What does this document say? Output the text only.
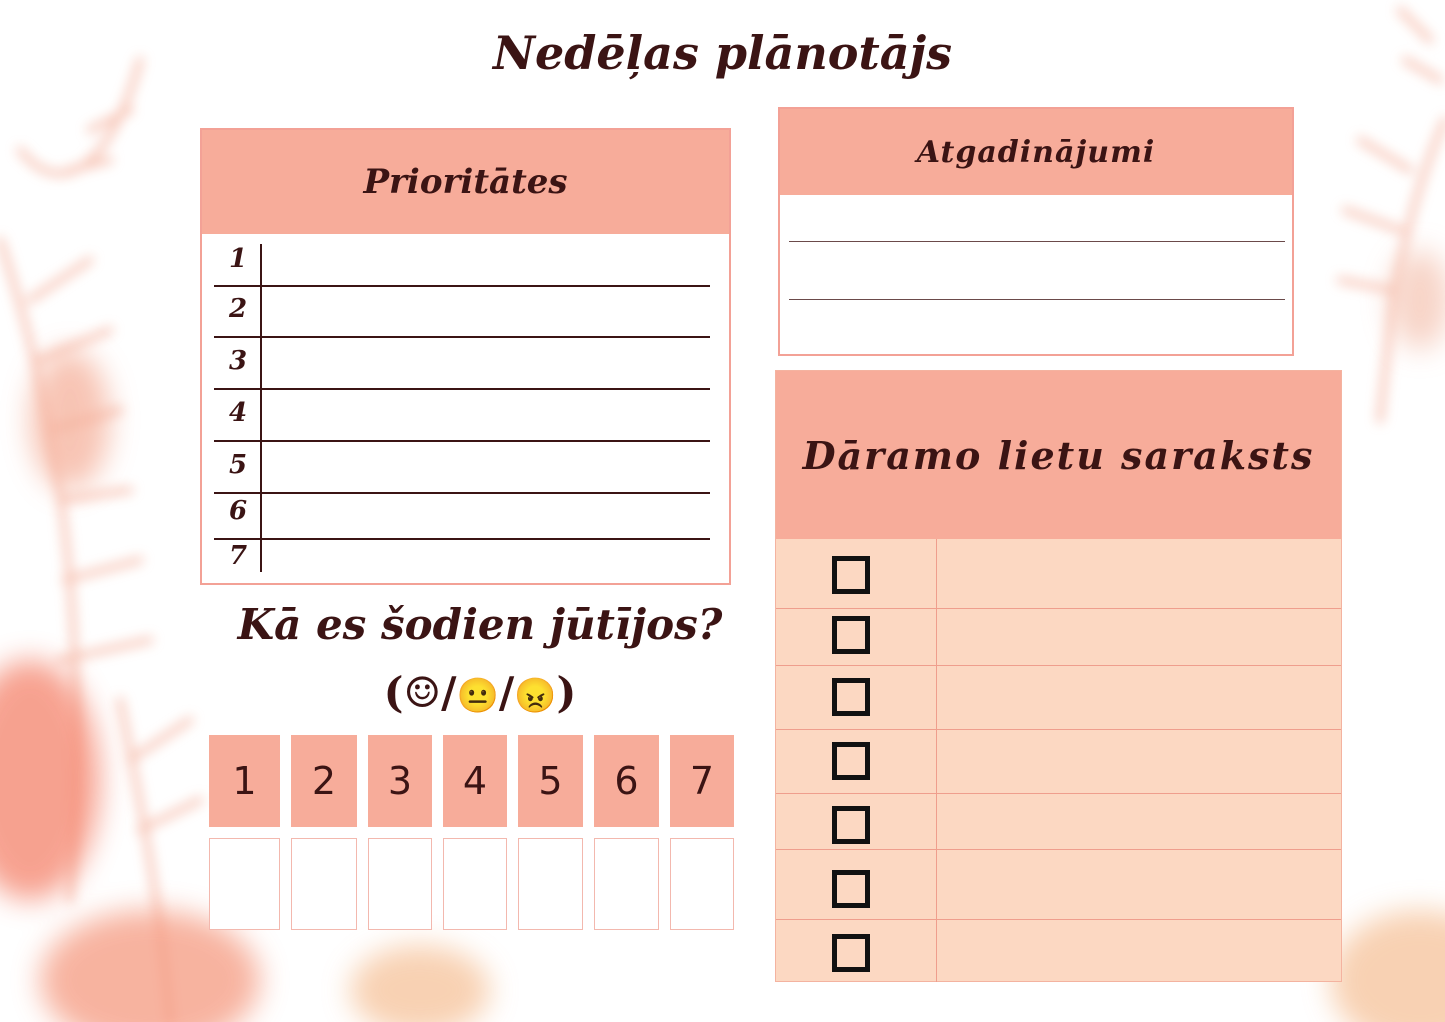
Nedēļas plānotājs
Prioritātes
1
2
3
4
5
6
7
Atgadinājumi
Kā es šodien jūtījos?
(☺/😐/😠)
1	2	3	4	5	6	7
Dāramo lietu saraksts
